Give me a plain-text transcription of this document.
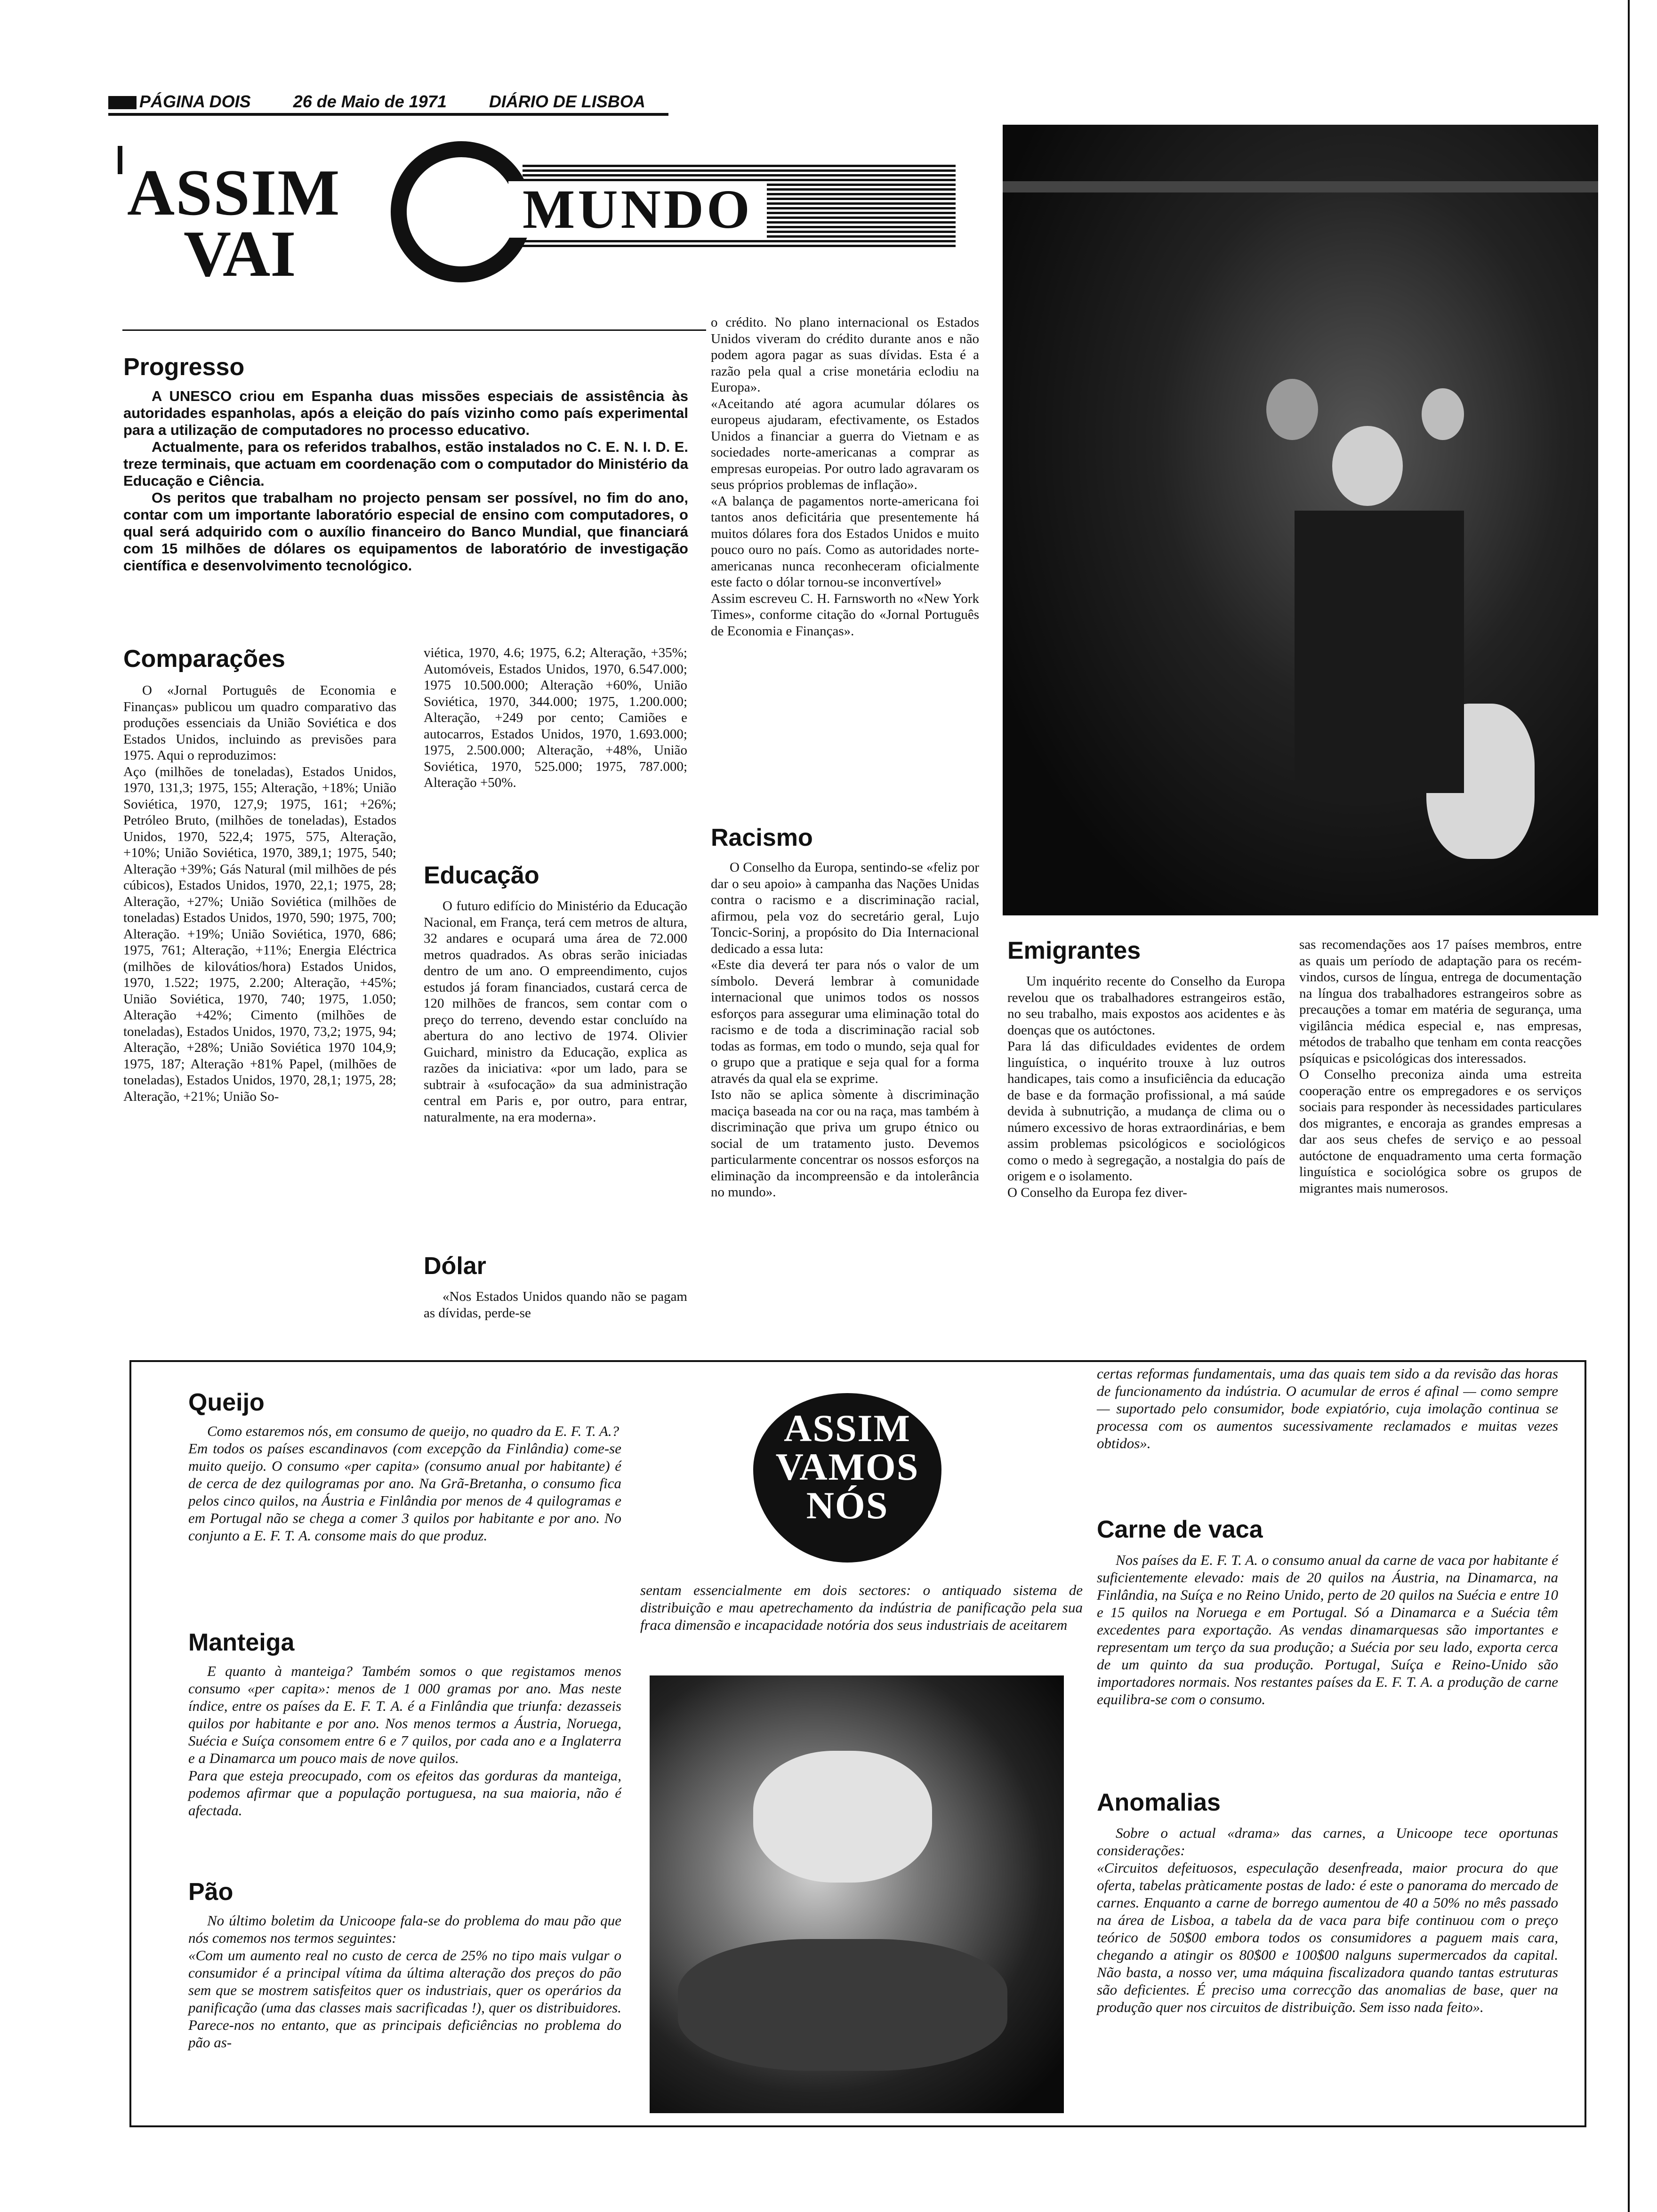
PÁGINA DOIS	26 de Maio de 1971	DIÁRIO DE LISBOA
ASSIM
VAI
MUNDO
Progresso

A UNESCO criou em Espanha duas missões especiais de assistência às autoridades espanholas, após a eleição do país vizinho como país experimental para a utilização de computadores no processo educativo.

Actualmente, para os referidos trabalhos, estão instalados no C. E. N. I. D. E. treze terminais, que actuam em coordenação com o computador do Ministério da Educação e Ciência.

Os peritos que trabalham no projecto pensam ser possível, no fim do ano, contar com um importante laboratório especial de ensino com computadores, o qual será adquirido com o auxílio financeiro do Banco Mundial, que financiará com 15 milhões de dólares os equipamentos de laboratório de investigação científica e desenvolvimento tecnológico.

Comparações

O «Jornal Português de Economia e Finanças» publicou um quadro comparativo das produções essenciais da União Soviética e dos Estados Unidos, incluindo as previsões para 1975. Aqui o reproduzimos:
Aço (milhões de toneladas), Estados Unidos, 1970, 131,3; 1975, 155; Alteração, +18%; União Soviética, 1970, 127,9; 1975, 161; +26%; Petróleo Bruto, (milhões de toneladas), Estados Unidos, 1970, 522,4; 1975, 575, Alteração, +10%; União Soviética, 1970, 389,1; 1975, 540; Alteração +39%; Gás Natural (mil milhões de pés cúbicos), Estados Unidos, 1970, 22,1; 1975, 28; Alteração, +27%; União Soviética (milhões de toneladas) Estados Unidos, 1970, 590; 1975, 700; Alteração. +19%; União Soviética, 1970, 686; 1975, 761; Alteração, +11%; Energia Eléctrica (milhões de kilovátios/hora) Estados Unidos, 1970, 1.522; 1975, 2.200; Alteração, +45%; União Soviética, 1970, 740; 1975, 1.050; Alteração +42%; Cimento (milhões de toneladas), Estados Unidos, 1970, 73,2; 1975, 94; Alteração, +28%; União Soviética 1970 104,9; 1975, 187; Alteração +81% Papel, (milhões de toneladas), Estados Unidos, 1970, 28,1; 1975, 28; Alteração, +21%; União So-

viética, 1970, 4.6; 1975, 6.2; Alteração, +35%; Automóveis, Estados Unidos, 1970, 6.547.000; 1975 10.500.000; Alteração +60%, União Soviética, 1970, 344.000; 1975, 1.200.000; Alteração, +249 por cento; Camiões e autocarros, Estados Unidos, 1970, 1.693.000; 1975, 2.500.000; Alteração, +48%, União Soviética, 1970, 525.000; 1975, 787.000; Alteração +50%.

Educação

O futuro edifício do Ministério da Educação Nacional, em França, terá cem metros de altura, 32 andares e ocupará uma área de 72.000 metros quadrados. As obras serão iniciadas dentro de um ano. O empreendimento, cujos estudos já foram financiados, custará cerca de 120 milhões de francos, sem contar com o preço do terreno, devendo estar concluído na abertura do ano lectivo de 1974. Olivier Guichard, ministro da Educação, explica as razões da iniciativa: «por um lado, para se subtrair à «sufocação» da sua administração central em Paris e, por outro, para entrar, naturalmente, na era moderna».

Dólar

«Nos Estados Unidos quando não se pagam as dívidas, perde-se

o crédito. No plano internacional os Estados Unidos viveram do crédito durante anos e não podem agora pagar as suas dívidas. Esta é a razão pela qual a crise monetária eclodiu na Europa».
«Aceitando até agora acumular dólares os europeus ajudaram, efectivamente, os Estados Unidos a financiar a guerra do Vietnam e as sociedades norte-americanas a comprar as empresas europeias. Por outro lado agravaram os seus próprios problemas de inflação».
«A balança de pagamentos norte-americana foi tantos anos deficitária que presentemente há muitos dólares fora dos Estados Unidos e muito pouco ouro no país. Como as autoridades norte-americanas nunca reconheceram oficialmente este facto o dólar tornou-se inconvertível»
Assim escreveu C. H. Farnsworth no «New York Times», conforme citação do «Jornal Português de Economia e Finanças».

Racismo

O Conselho da Europa, sentindo-se «feliz por dar o seu apoio» à campanha das Nações Unidas contra o racismo e a discriminação racial, afirmou, pela voz do secretário geral, Lujo Toncic-Sorinj, a propósito do Dia Internacional dedicado a essa luta:
«Este dia deverá ter para nós o valor de um símbolo. Deverá lembrar à comunidade internacional que unimos todos os nossos esforços para assegurar uma eliminação total do racismo e de toda a discriminação racial sob todas as formas, em todo o mundo, seja qual for o grupo que a pratique e seja qual for a forma através da qual ela se exprime.
Isto não se aplica sòmente à discriminação maciça baseada na cor ou na raça, mas também à discriminação que priva um grupo étnico ou social de um tratamento justo. Devemos particularmente concentrar os nossos esforços na eliminação da incompreensão e da intolerância no mundo».

Emigrantes

Um inquérito recente do Conselho da Europa revelou que os trabalhadores estrangeiros estão, no seu trabalho, mais expostos aos acidentes e às doenças que os autóctones.
Para lá das dificuldades evidentes de ordem linguística, o inquérito trouxe à luz outros handicapes, tais como a insuficiência da educação de base e da formação profissional, a má saúde devida à subnutrição, a mudança de clima ou o número excessivo de horas extraordinárias, e bem assim problemas psicológicos e sociológicos como o medo à segregação, a nostalgia do país de origem e o isolamento.
O Conselho da Europa fez diver-

sas recomendações aos 17 países membros, entre as quais um período de adaptação para os recém-vindos, cursos de língua, entrega de documentação na língua dos trabalhadores estrangeiros sobre as precauções a tomar em matéria de segurança, uma vigilância médica especial e, nas empresas, métodos de trabalho que tenham em conta reacções psíquicas e psicológicas dos interessados.
O Conselho preconiza ainda uma estreita cooperação entre os empregadores e os serviços sociais para responder às necessidades particulares dos migrantes, e encoraja as grandes empresas a dar aos seus chefes de serviço e ao pessoal autóctone de enquadramento uma certa formação linguística e sociológica sobre os grupos de migrantes mais numerosos.

Queijo

Como estaremos nós, em consumo de queijo, no quadro da E. F. T. A.?
Em todos os países escandinavos (com excepção da Finlândia) come-se muito queijo. O consumo «per capita» (consumo anual por habitante) é de cerca de dez quilogramas por ano. Na Grã-Bretanha, o consumo fica pelos cinco quilos, na Áustria e Finlândia por menos de 4 quilogramas e em Portugal não se chega a comer 3 quilos por habitante e por ano. No conjunto a E. F. T. A. consome mais do que produz.

Manteiga

E quanto à manteiga? Também somos o que registamos menos consumo «per capita»: menos de 1 000 gramas por ano. Mas neste índice, entre os países da E. F. T. A. é a Finlândia que triunfa: dezasseis quilos por habitante e por ano. Nos menos termos a Áustria, Noruega, Suécia e Suíça consomem entre 6 e 7 quilos, por cada ano e a Inglaterra e a Dinamarca um pouco mais de nove quilos.
Para que esteja preocupado, com os efeitos das gorduras da manteiga, podemos afirmar que a população portuguesa, na sua maioria, não é afectada.

Pão

No último boletim da Unicoope fala-se do problema do mau pão que nós comemos nos termos seguintes:
«Com um aumento real no custo de cerca de 25% no tipo mais vulgar o consumidor é a principal vítima da última alteração dos preços do pão sem que se mostrem satisfeitos quer os industriais, quer os operários da panificação (uma das classes mais sacrificadas !), quer os distribuidores. Parece-nos no entanto, que as principais deficiências no problema do pão as-

ASSIM
VAMOS
NÓS

sentam essencialmente em dois sectores: o antiquado sistema de distribuição e mau apetrechamento da indústria de panificação pela sua fraca dimensão e incapacidade notória dos seus industriais de aceitarem

certas reformas fundamentais, uma das quais tem sido a da revisão das horas de funcionamento da indústria. O acumular de erros é afinal — como sempre — suportado pelo consumidor, bode expiatório, cuja imolação continua se processa com os aumentos sucessivamente reclamados e muitas vezes obtidos».

Carne de vaca

Nos países da E. F. T. A. o consumo anual da carne de vaca por habitante é suficientemente elevado: mais de 20 quilos na Áustria, na Dinamarca, na Finlândia, na Suíça e no Reino Unido, perto de 20 quilos na Suécia e entre 10 e 15 quilos na Noruega e em Portugal. Só a Dinamarca e a Suécia têm excedentes para exportação. As vendas dinamarquesas são importantes e representam um terço da sua produção; a Suécia por seu lado, exporta cerca de um quinto da sua produção. Portugal, Suíça e Reino-Unido são importadores normais. Nos restantes países da E. F. T. A. a produção de carne equilibra-se com o consumo.

Anomalias

Sobre o actual «drama» das carnes, a Unicoope tece oportunas considerações:
«Circuitos defeituosos, especulação desenfreada, maior procura do que oferta, tabelas pràticamente postas de lado: é este o panorama do mercado de carnes. Enquanto a carne de borrego aumentou de 40 a 50% no mês passado na área de Lisboa, a tabela da de vaca para bife continuou com o preço teórico de 50$00 embora todos os consumidores a paguem mais cara, chegando a atingir os 80$00 e 100$00 nalguns supermercados da capital. Não basta, a nosso ver, uma máquina fiscalizadora quando tantas estruturas são deficientes. É preciso uma correcção das anomalias de base, quer na produção quer nos circuitos de distribuição. Sem isso nada feito».
